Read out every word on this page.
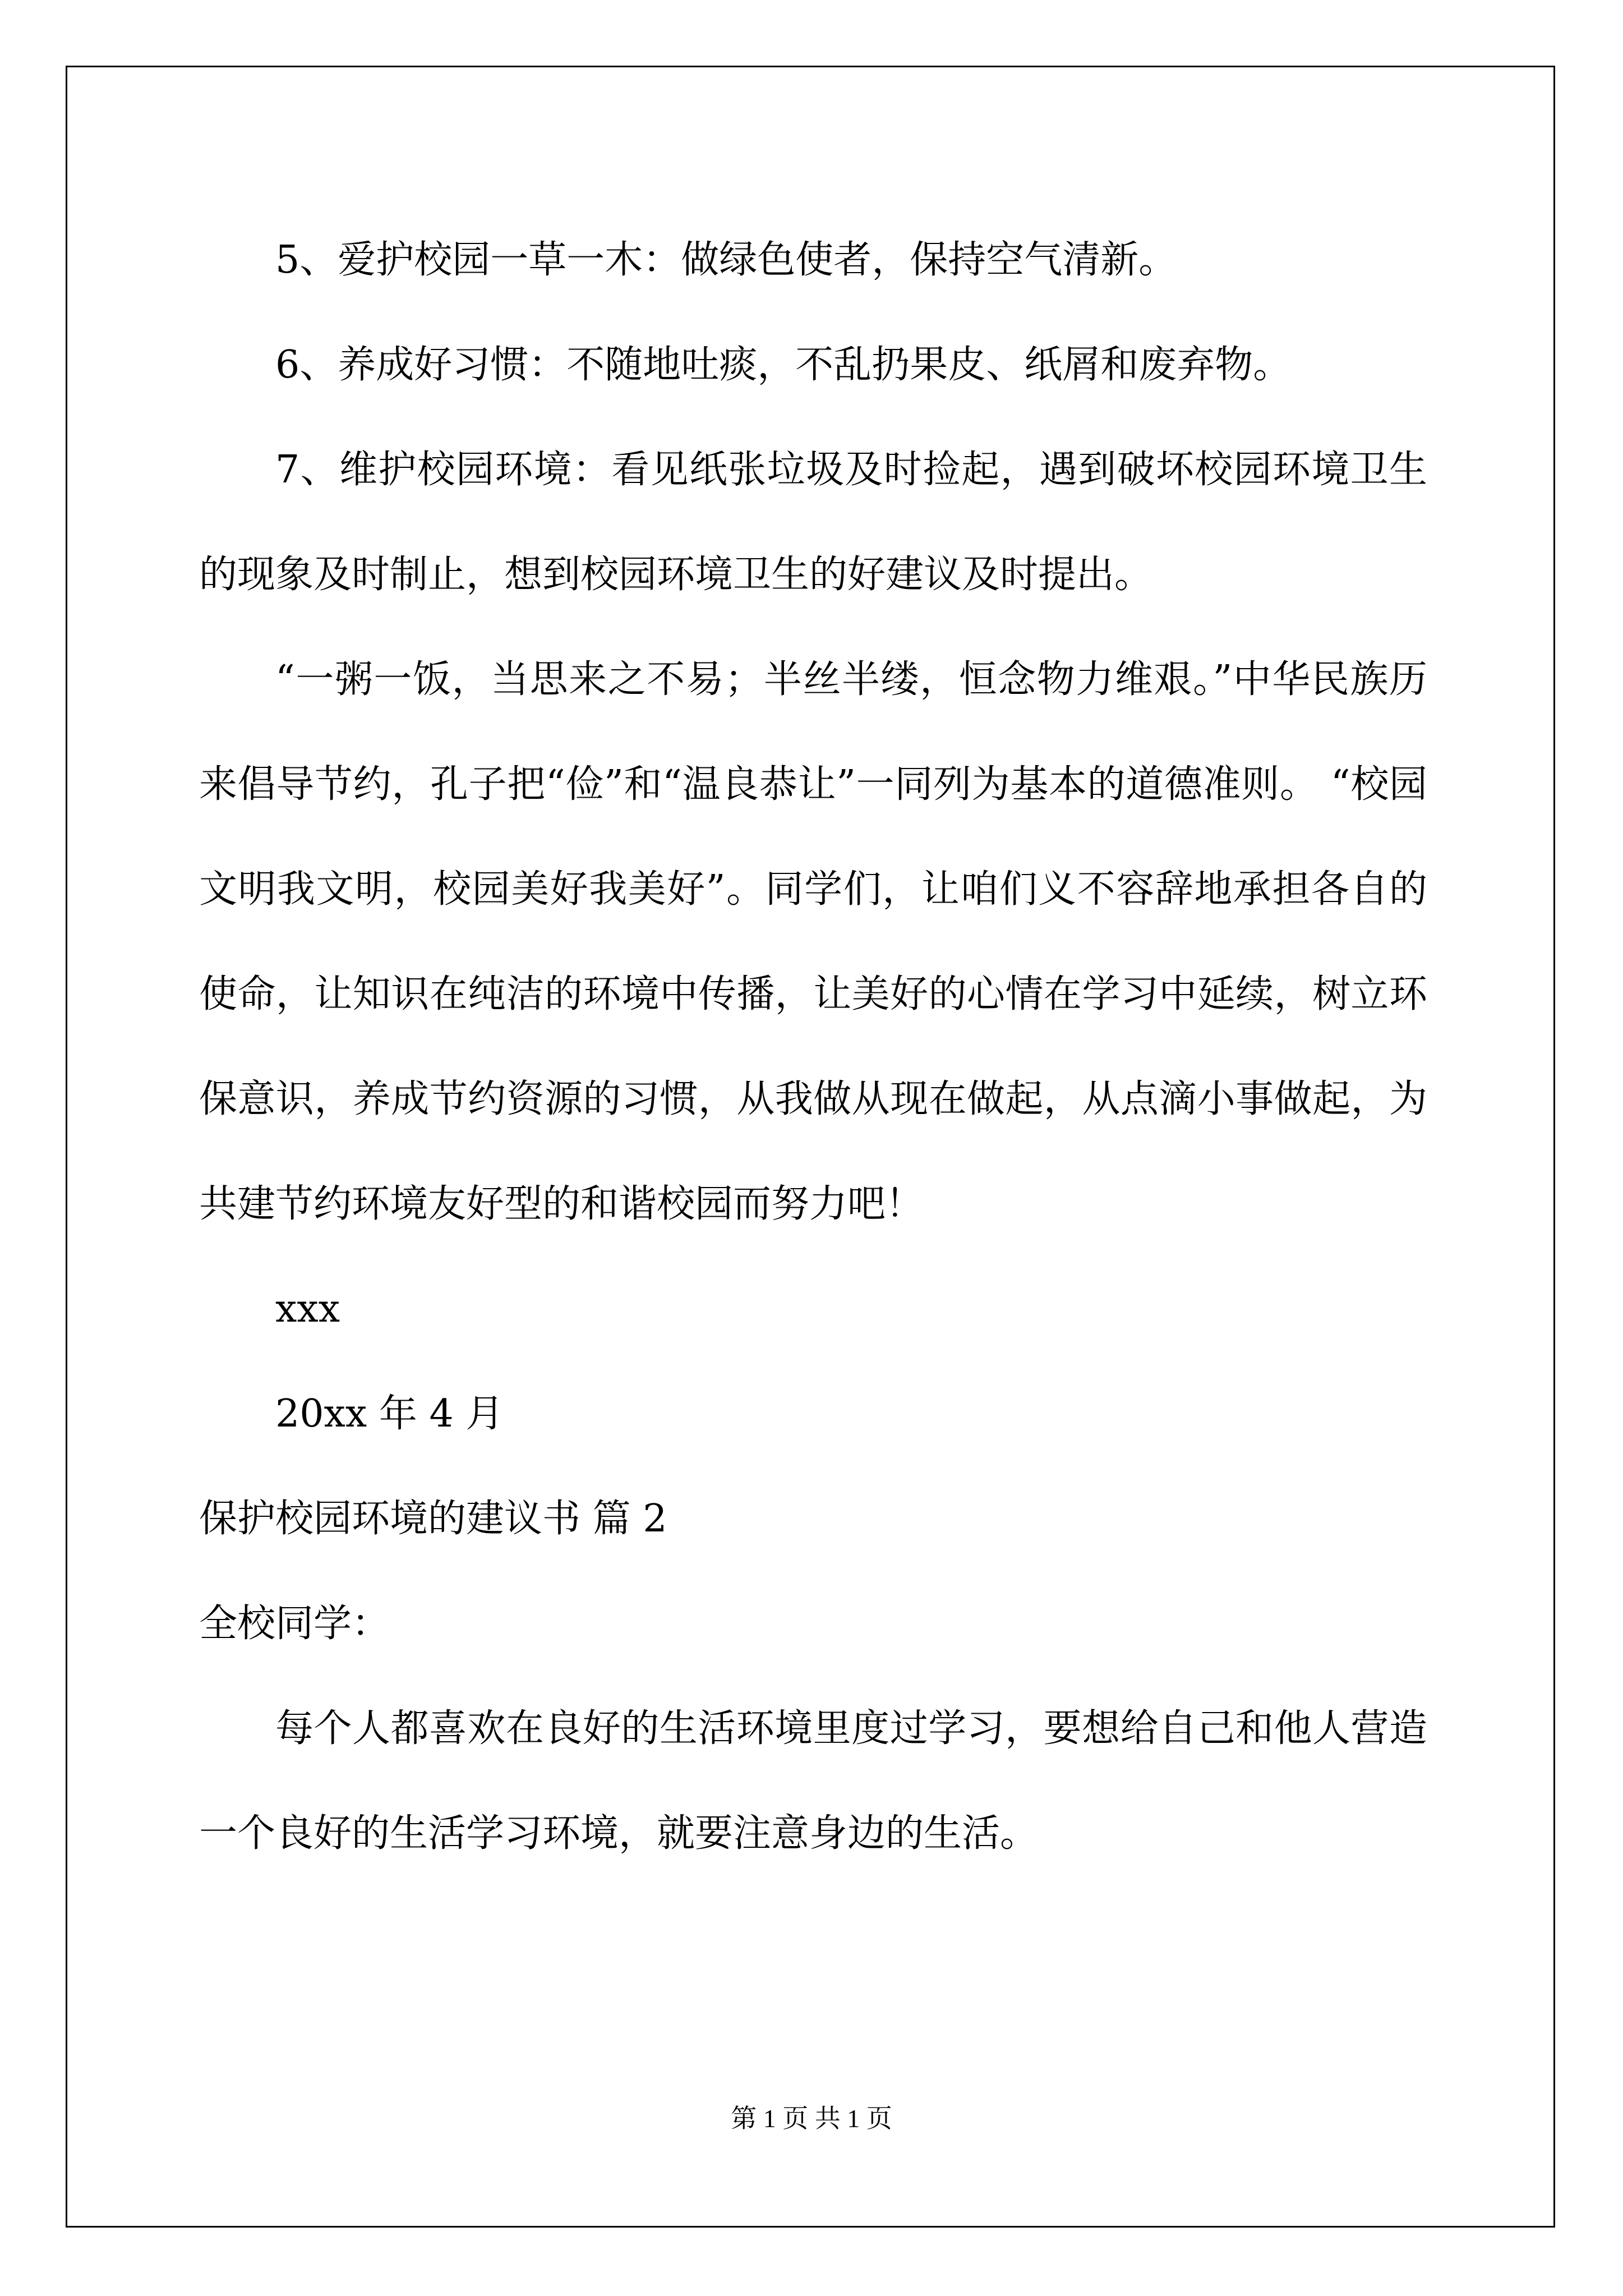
5、爱护校园一草一木：做绿色使者，保持空气清新。

6、养成好习惯：不随地吐痰，不乱扔果皮、纸屑和废弃物。

7、维护校园环境：看见纸张垃圾及时捡起，遇到破坏校园环境卫生的现象及时制止，想到校园环境卫生的好建议及时提出。

“一粥一饭，当思来之不易；半丝半缕，恒念物力维艰。”中华民族历来倡导节约，孔子把“俭”和“温良恭让”一同列为基本的道德准则。 “校园文明我文明，校园美好我美好”。同学们，让咱们义不容辞地承担各自的使命，让知识在纯洁的环境中传播，让美好的心情在学习中延续，树立环保意识，养成节约资源的习惯，从我做从现在做起，从点滴小事做起，为共建节约环境友好型的和谐校园而努力吧！

xxx

20xx 年 4 月

保护校园环境的建议书 篇 2

全校同学：

每个人都喜欢在良好的生活环境里度过学习，要想给自己和他人营造一个良好的生活学习环境，就要注意身边的生活。

第 1 页 共 1 页
